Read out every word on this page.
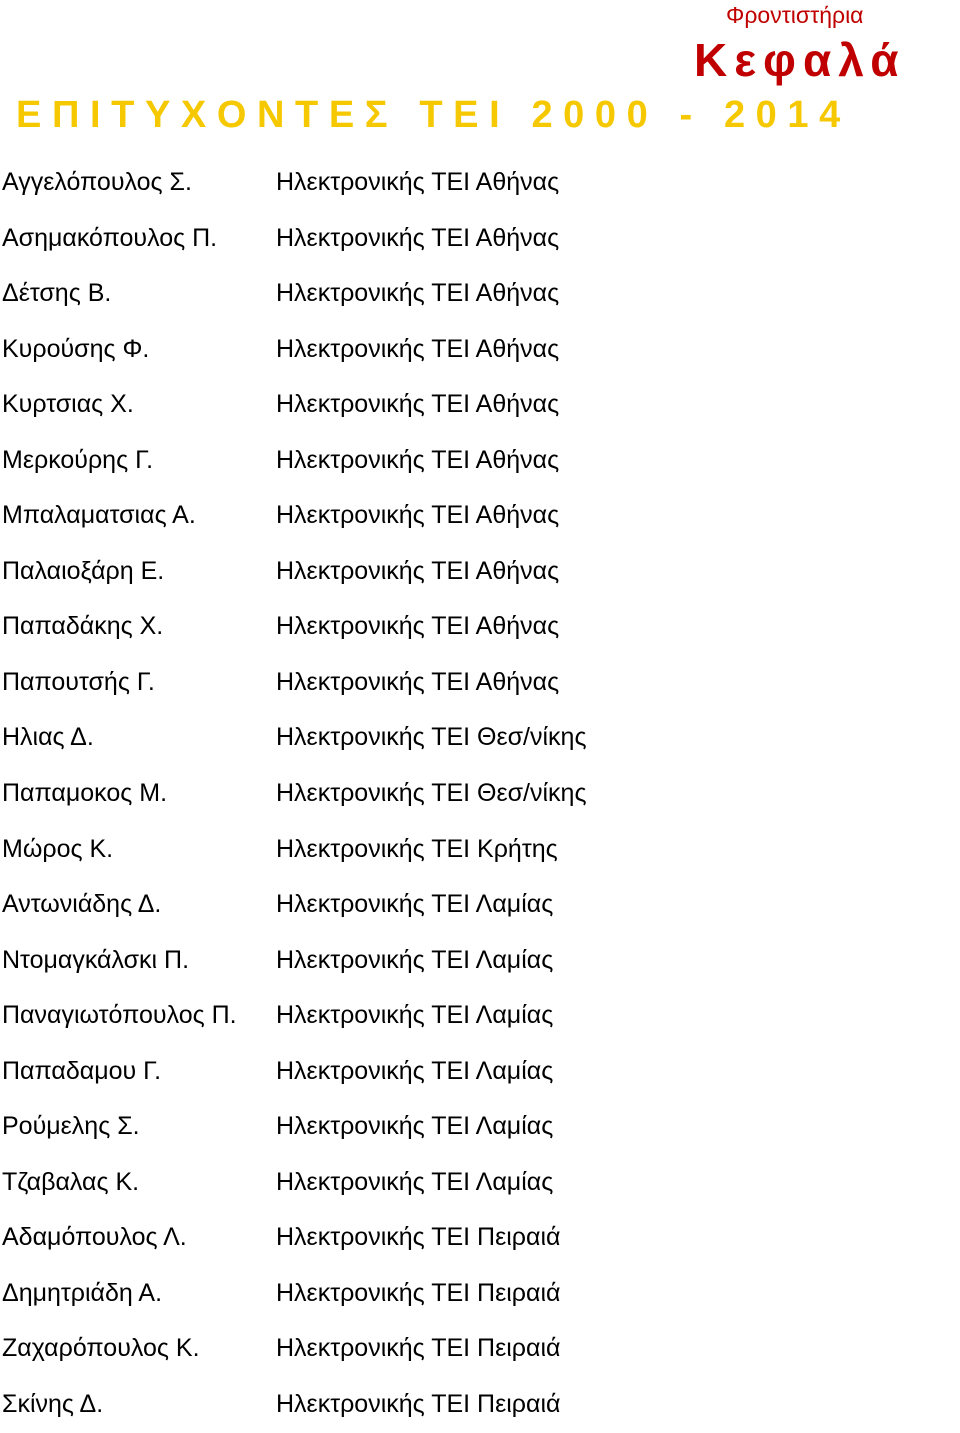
Φροντιστήρια
Κεφαλά
ΕΠΙΤΥΧΟΝΤΕΣ ΤΕΙ 2000 - 2014
Αγγελόπουλος Σ.	Ηλεκτρονικής ΤΕΙ Αθήνας
Ασημακόπουλος Π. Ηλεκτρονικής ΤΕΙ Αθήνας
Δέτσης Β.	Ηλεκτρονικής ΤΕΙ Αθήνας
Κυρούσης Φ.	Ηλεκτρονικής ΤΕΙ Αθήνας
Κυρτσιας Χ.	Ηλεκτρονικής ΤΕΙ Αθήνας
Μερκούρης Γ.	Ηλεκτρονικής ΤΕΙ Αθήνας
Μπαλαματσιας Α.	Ηλεκτρονικής ΤΕΙ Αθήνας
Παλαιοξάρη Ε.	Ηλεκτρονικής ΤΕΙ Αθήνας
Παπαδάκης Χ.	Ηλεκτρονικής ΤΕΙ Αθήνας
Παπουτσής Γ.	Ηλεκτρονικής ΤΕΙ Αθήνας
Ηλιας Δ.	Ηλεκτρονικής ΤΕΙ Θεσ/νίκης
Παπαμοκος Μ.	Ηλεκτρονικής ΤΕΙ Θεσ/νίκης
Μώρος Κ.	Ηλεκτρονικής ΤΕΙ Κρήτης
Αντωνιάδης Δ.	Ηλεκτρονικής ΤΕΙ Λαμίας
Ντομαγκάλσκι Π.	Ηλεκτρονικής ΤΕΙ Λαμίας
Παναγιωτόπουλος Π. Ηλεκτρονικής ΤΕΙ Λαμίας
Παπαδαμου Γ.	Ηλεκτρονικής ΤΕΙ Λαμίας
Ρούμελης Σ.	Ηλεκτρονικής ΤΕΙ Λαμίας
Τζαβαλας Κ.	Ηλεκτρονικής ΤΕΙ Λαμίας
Αδαμόπουλος Λ.	Ηλεκτρονικής ΤΕΙ Πειραιά
Δημητριάδη Α.	Ηλεκτρονικής ΤΕΙ Πειραιά
Ζαχαρόπουλος Κ.	Ηλεκτρονικής ΤΕΙ Πειραιά
Σκίνης Δ.	Ηλεκτρονικής ΤΕΙ Πειραιά
